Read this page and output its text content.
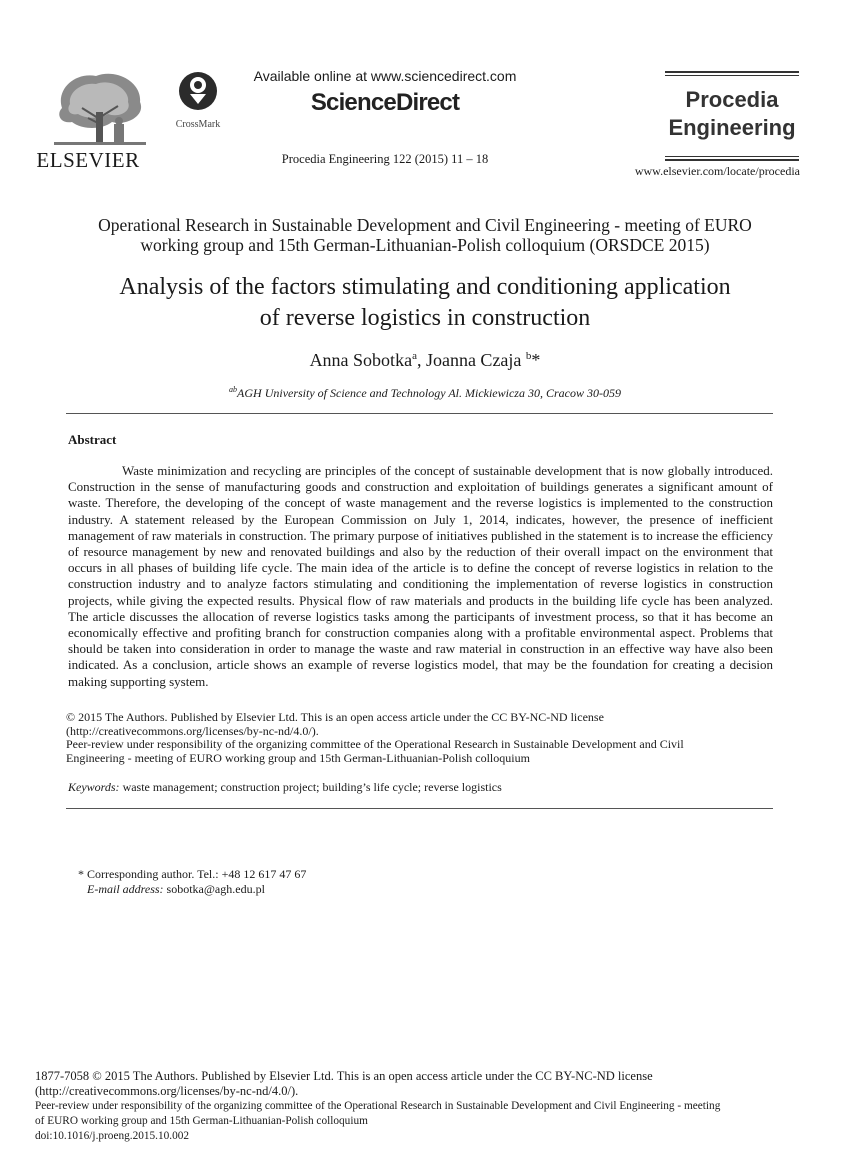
ELSEVIER
CrossMark
Available online at www.sciencedirect.com
ScienceDirect
Procedia Engineering 122 (2015) 11 – 18
Procedia
Engineering
www.elsevier.com/locate/procedia
Operational Research in Sustainable Development and Civil Engineering - meeting of EURO
working group and 15th German-Lithuanian-Polish colloquium (ORSDCE 2015)
Analysis of the factors stimulating and conditioning application
of reverse logistics in construction
Anna Sobotka$^a$, Joanna Czaja $^b$*
$^{ab}$AGH University of Science and Technology Al. Mickiewicza 30, Cracow 30-059
Abstract
Waste minimization and recycling are principles of the concept of sustainable development that is now globally introduced. Construction in the sense of manufacturing goods and construction and exploitation of buildings generates a significant amount of waste. Therefore, the developing of the concept of waste management and the reverse logistics is implemented to the construction industry. A statement released by the European Commission on July 1, 2014, indicates, however, the presence of inefficient management of raw materials in construction. The primary purpose of initiatives published in the statement is to increase the efficiency of resource management by new and renovated buildings and also by the reduction of their overall impact on the environment that occurs in all phases of building life cycle. The main idea of the article is to define the concept of reverse logistics in relation to the construction industry and to analyze factors stimulating and conditioning the implementation of reverse logistics in construction projects, while giving the expected results. Physical flow of raw materials and products in the building life cycle has been analyzed. The article discusses the allocation of reverse logistics tasks among the participants of investment process, so that it has become an economically effective and profiting branch for construction companies along with a profitable environmental aspect. Problems that should be taken into consideration in order to manage the waste and raw material in construction in an effective way have also been indicated. As a conclusion, article shows an example of reverse logistics model, that may be the foundation for creating a decision making supporting system.
© 2015 The Authors. Published by Elsevier Ltd. This is an open access article under the CC BY-NC-ND license
(http://creativecommons.org/licenses/by-nc-nd/4.0/).
Peer-review under responsibility of the organizing committee of the Operational Research in Sustainable Development and Civil
Engineering - meeting of EURO working group and 15th German-Lithuanian-Polish colloquium
Keywords: waste management; construction project; building’s life cycle; reverse logistics
* Corresponding author. Tel.: +48 12 617 47 67
E-mail address: sobotka@agh.edu.pl
1877-7058 © 2015 The Authors. Published by Elsevier Ltd. This is an open access article under the CC BY-NC-ND license
(http://creativecommons.org/licenses/by-nc-nd/4.0/).
Peer-review under responsibility of the organizing committee of the Operational Research in Sustainable Development and Civil Engineering - meeting
of EURO working group and 15th German-Lithuanian-Polish colloquium
doi:10.1016/j.proeng.2015.10.002
